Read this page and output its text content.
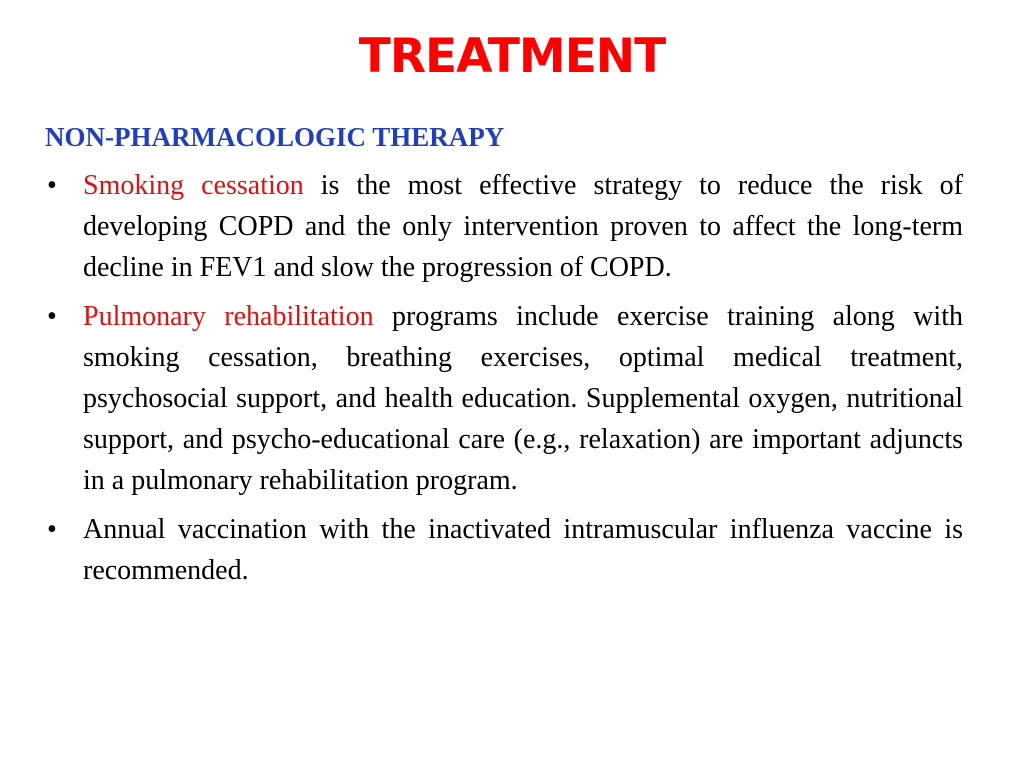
TREATMENT
NON-PHARMACOLOGIC THERAPY
• Smoking cessation is the most effective strategy to reduce the risk of developing COPD and the only intervention proven to affect the long-term decline in FEV1 and slow the progression of COPD.
• Pulmonary rehabilitation programs include exercise training along with smoking cessation, breathing exercises, optimal medical treatment, psychosocial support, and health education. Supplemental oxygen, nutritional support, and psycho-educational care (e.g., relaxation) are important adjuncts in a pulmonary rehabilitation program.
• Annual vaccination with the inactivated intramuscular influenza vaccine is recommended.
